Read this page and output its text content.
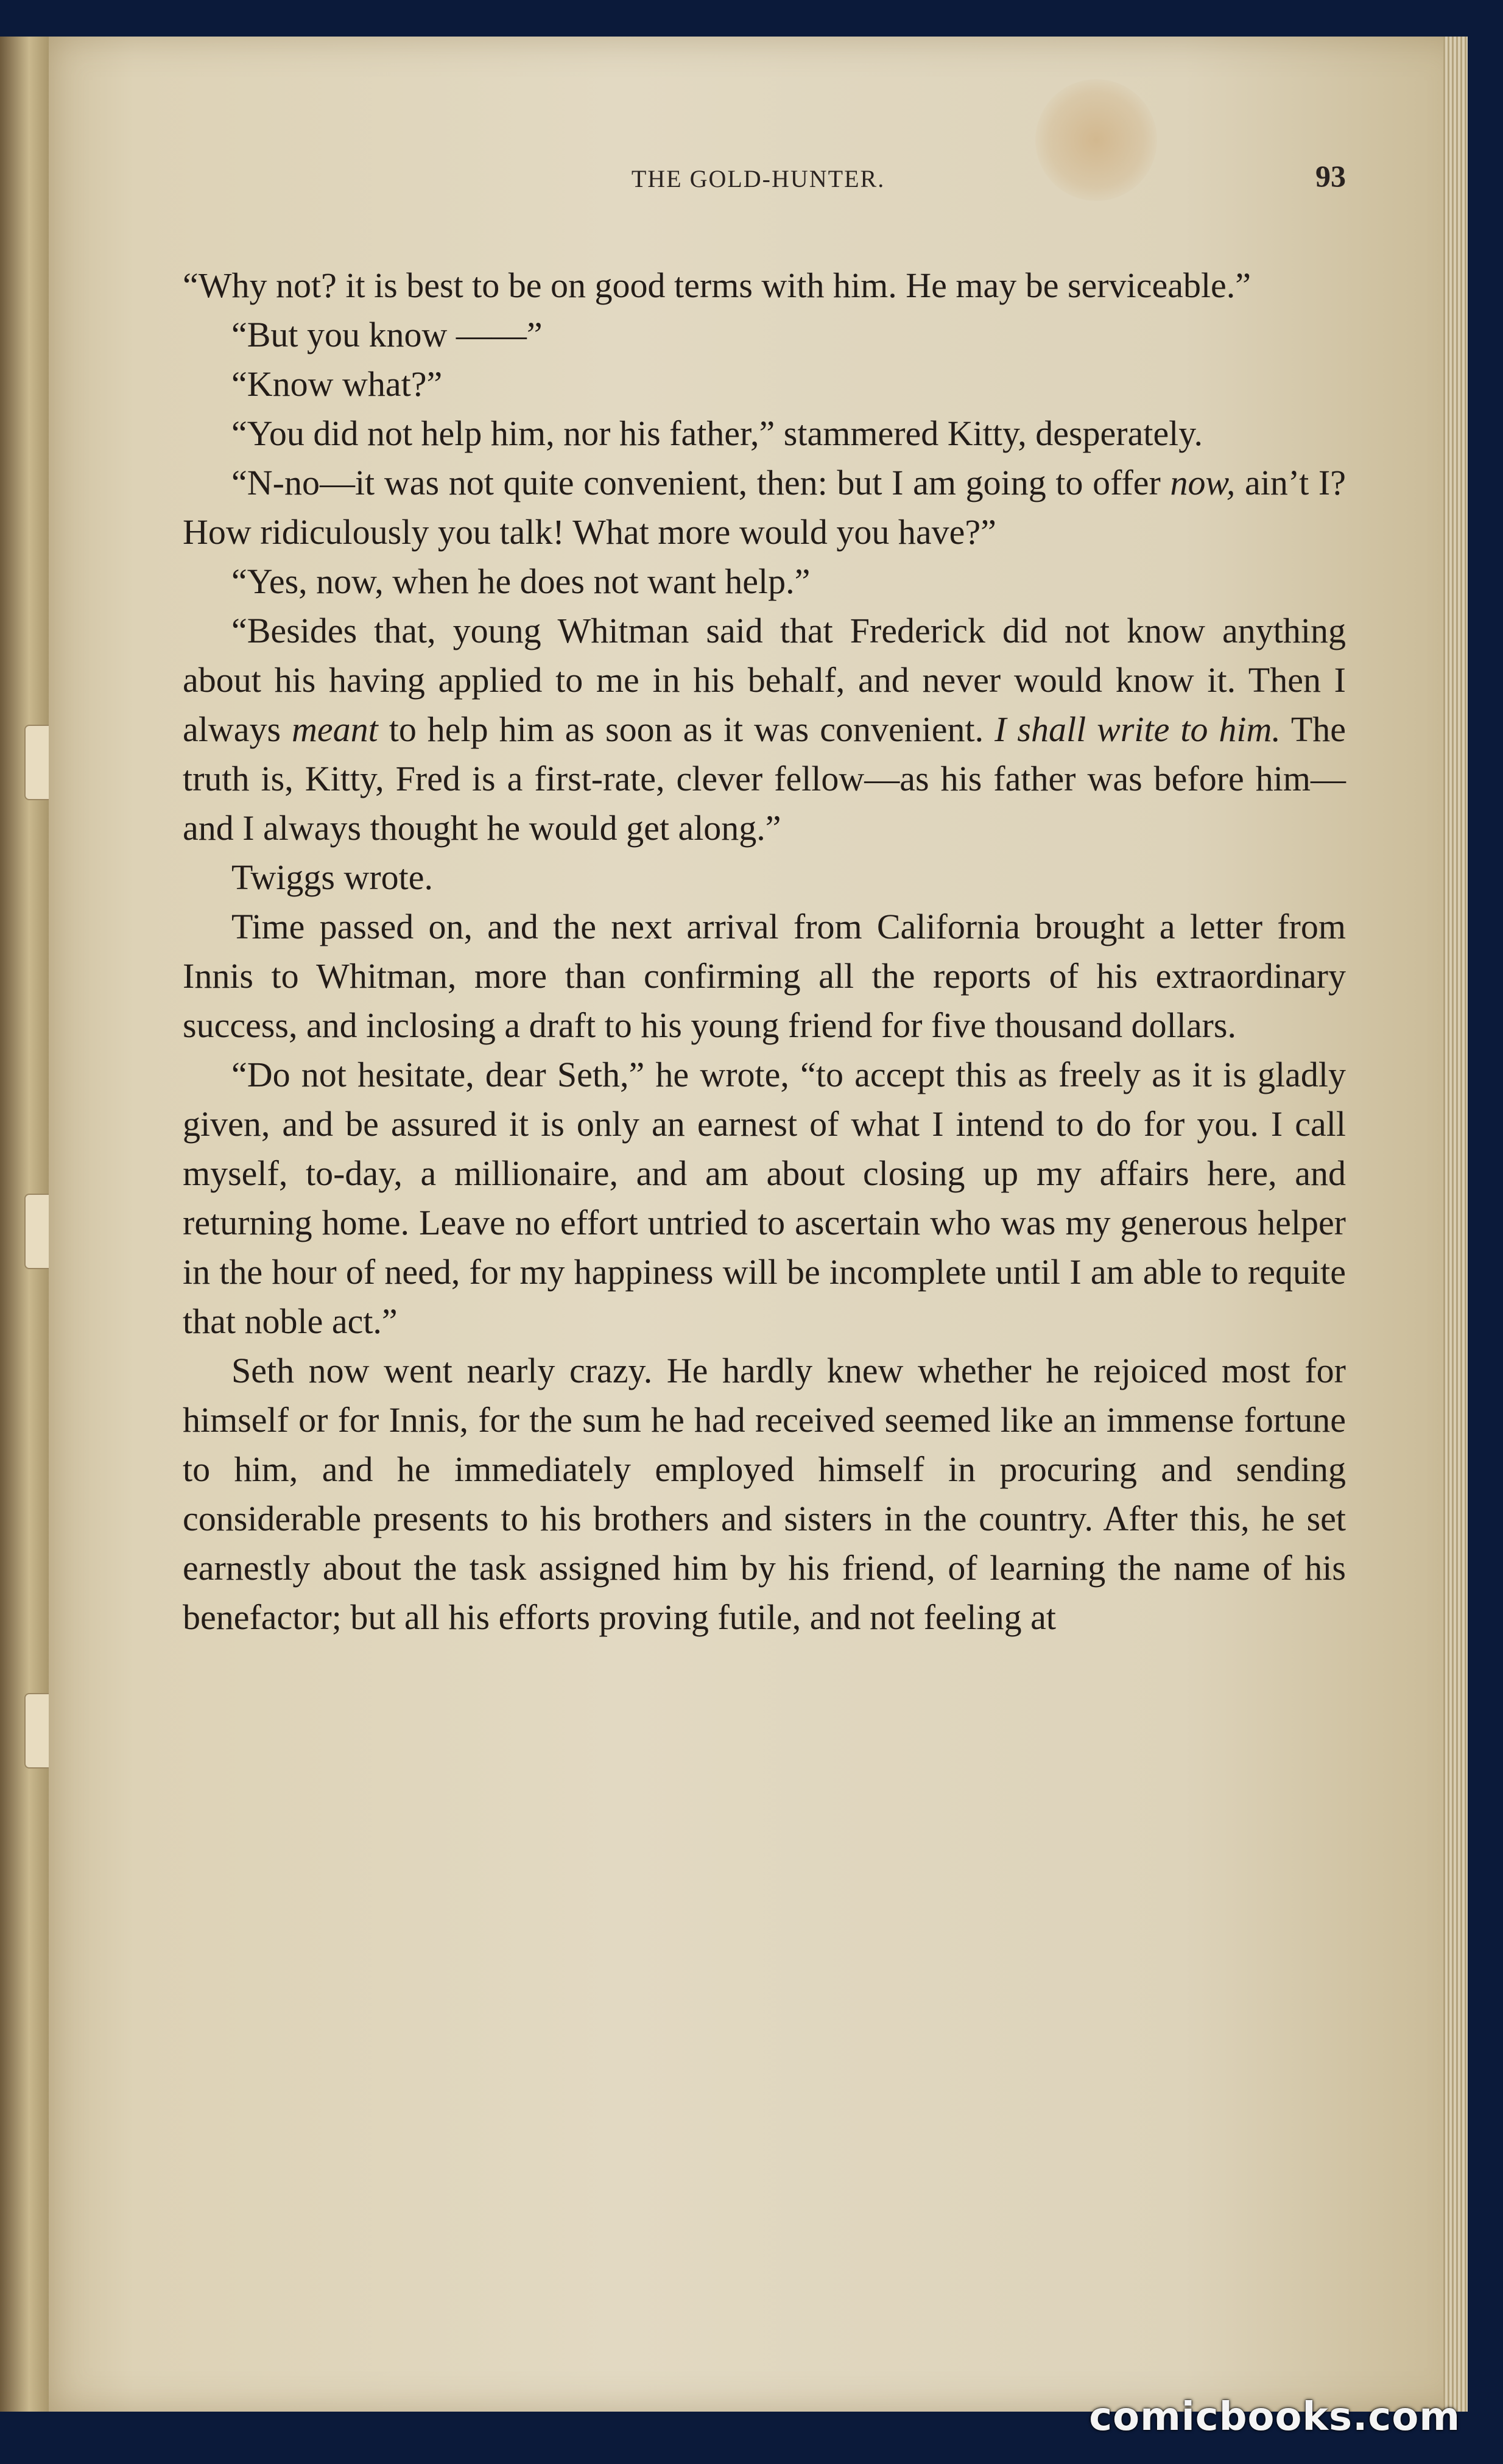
THE GOLD-HUNTER.	93

“Why not? it is best to be on good terms with him. He may be serviceable.”

“But you know ——”

“Know what?”

“You did not help him, nor his father,” stammered Kitty, desperately.

“N-no—it was not quite convenient, then: but I am going to offer now, ain’t I? How ridiculously you talk! What more would you have?”

“Yes, now, when he does not want help.”

“Besides that, young Whitman said that Frederick did not know anything about his having applied to me in his behalf, and never would know it. Then I always meant to help him as soon as it was convenient. I shall write to him. The truth is, Kitty, Fred is a first-rate, clever fellow—as his father was before him—and I always thought he would get along.”

Twiggs wrote.

Time passed on, and the next arrival from California brought a letter from Innis to Whitman, more than confirming all the reports of his extraordinary success, and inclosing a draft to his young friend for five thousand dollars.

“Do not hesitate, dear Seth,” he wrote, “to accept this as freely as it is gladly given, and be assured it is only an earnest of what I intend to do for you. I call myself, to-day, a millionaire, and am about closing up my affairs here, and returning home. Leave no effort untried to ascertain who was my generous helper in the hour of need, for my happiness will be incomplete until I am able to requite that noble act.”

Seth now went nearly crazy. He hardly knew whether he rejoiced most for himself or for Innis, for the sum he had received seemed like an immense fortune to him, and he immediately employed himself in procuring and sending considerable presents to his brothers and sisters in the country. After this, he set earnestly about the task assigned him by his friend, of learning the name of his benefactor; but all his efforts proving futile, and not feeling at

comicbooks.com
